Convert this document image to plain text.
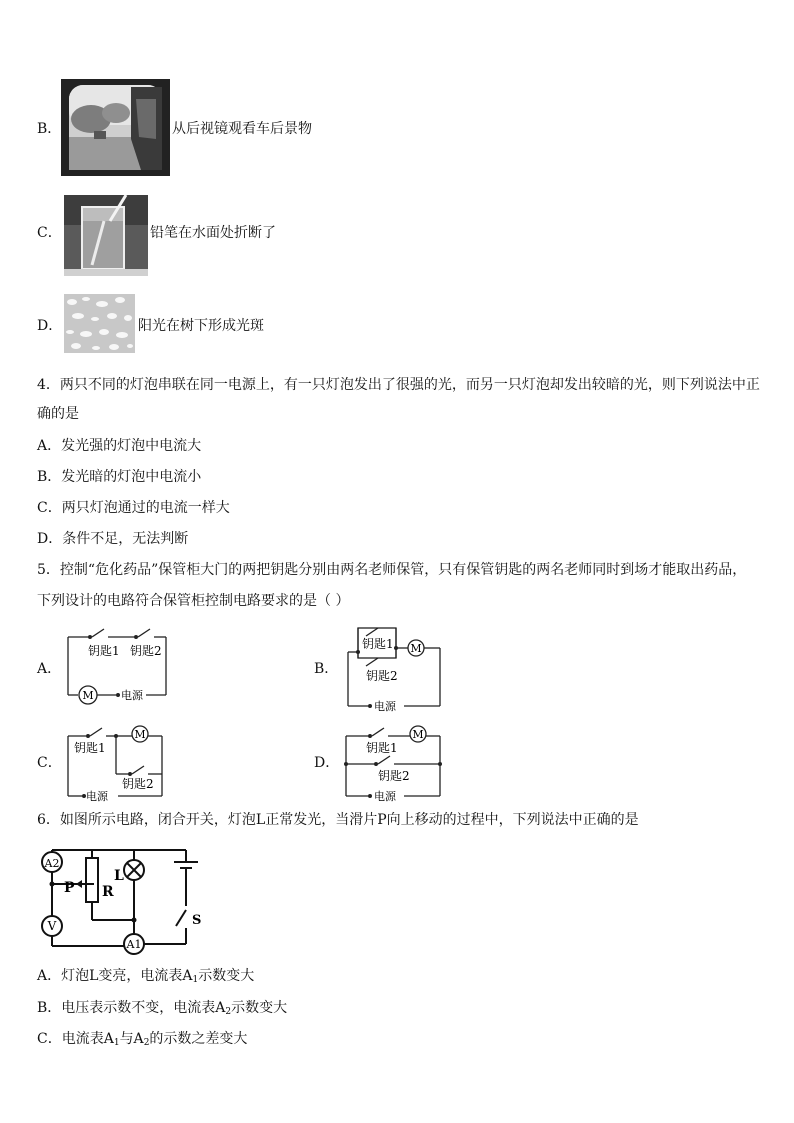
B．	从后视镜观看车后景物
C．	铅笔在水面处折断了
D．	阳光在树下形成光斑
4．两只不同的灯泡串联在同一电源上，有一只灯泡发出了很强的光，而另一只灯泡却发出较暗的光，则下列说法中正
确的是
A．发光强的灯泡中电流大
B．发光暗的灯泡中电流小
C．两只灯泡通过的电流一样大
D．条件不足，无法判断
5．控制“危化药品”保管柜大门的两把钥匙分别由两名老师保管，只有保管钥匙的两名老师同时到场才能取出药品，
下列设计的电路符合保管柜控制电路要求的是（ ）
A．
M
钥匙1 钥匙2
电源
B．
M
钥匙1
钥匙2
电源
C．
M
钥匙1
钥匙2
电源
D．
M
钥匙1
钥匙2
电源
6．如图所示电路，闭合开关，灯泡L正常发光，当滑片P向上移动的过程中，下列说法中正确的是
A2
V
A1
P R
L
S
A．灯泡L变亮，电流表$A_1$示数变大
B．电压表示数不变，电流表$A_2$示数变大
C．电流表$A_1$与$A_2$的示数之差变大
